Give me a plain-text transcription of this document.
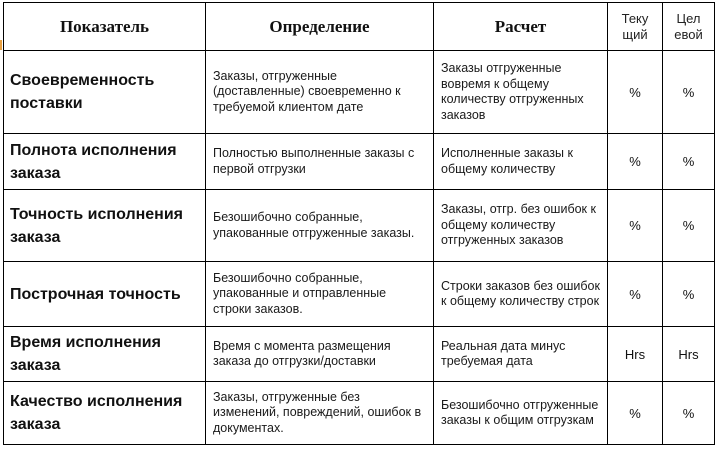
Показатель	Определение	Расчет	Теку щий	Цел евой
Своевременность поставки	Заказы, отгруженные (доставленные) своевременно к требуемой клиентом дате	Заказы отгруженные вовремя к общему количеству отгруженных заказов	%	%
Полнота исполнения заказа	Полностью выполненные заказы с первой отгрузки	Исполненные заказы к общему количеству	%	%
Точность исполнения заказа	Безошибочно собранные, упакованные отгруженные заказы.	Заказы, отгр. без ошибок к общему количеству отгруженных заказов	%	%
Построчная точность	Безошибочно собранные, упакованные и отправленные строки заказов.	Строки заказов без ошибок к общему количеству строк	%	%
Время исполнения заказа	Время с момента размещения заказа до отгрузки/доставки	Реальная дата минус требуемая дата	Hrs	Hrs
Качество исполнения заказа	Заказы, отгруженные без изменений, повреждений, ошибок в документах.	Безошибочно отгруженные заказы к общим отгрузкам	%	%
